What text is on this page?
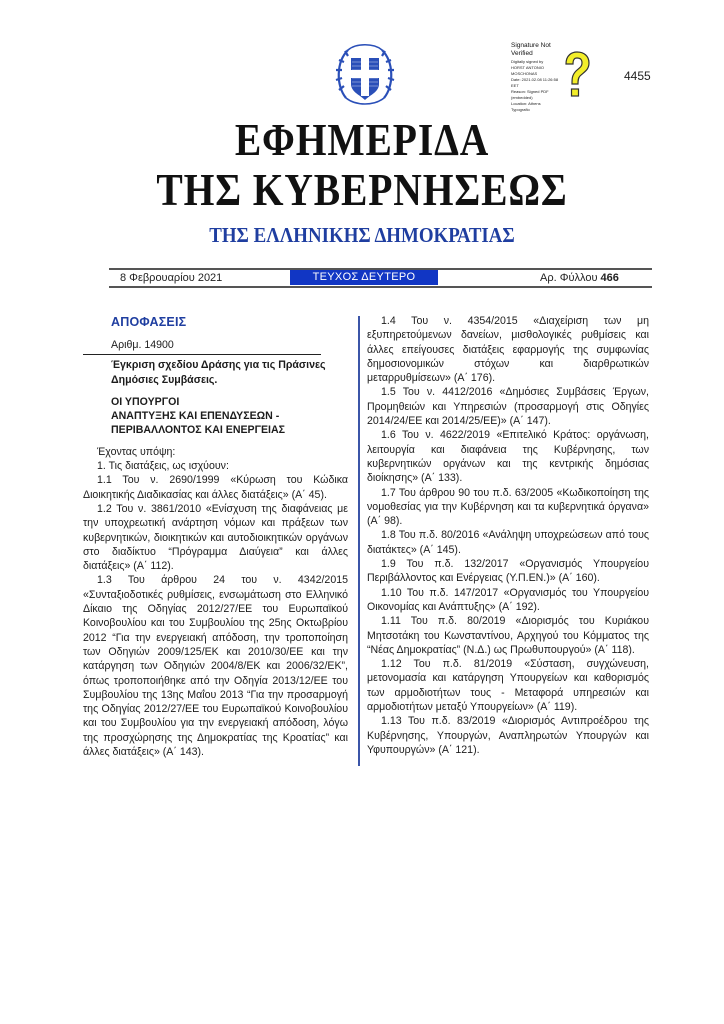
Signature Not Verified
Digitally signed by
HORST ANTONIO
MOSCHONAS
Date: 2021.02.08 11:26:58
EET
Reason: Signed PDF
(embedded)
Location: Athens
Typografio
4455
ΕΦΗΜΕΡΙΔΑ
ΤΗΣ ΚΥΒΕΡΝΗΣΕΩΣ
ΤΗΣ ΕΛΛΗΝΙΚΗΣ ΔΗΜΟΚΡΑΤΙΑΣ
8 Φεβρουαρίου 2021	ΤΕΥΧΟΣ ΔΕΥΤΕΡΟ	Αρ. Φύλλου 466
ΑΠΟΦΑΣΕΙΣ
Αριθμ. 14900
Έγκριση σχεδίου Δράσης για τις Πράσινες Δημόσιες Συμβάσεις.
ΟΙ ΥΠΟΥΡΓΟΙ
ΑΝΑΠΤΥΞΗΣ ΚΑΙ ΕΠΕΝΔΥΣΕΩΝ -
ΠΕΡΙΒΑΛΛΟΝΤΟΣ ΚΑΙ ΕΝΕΡΓΕΙΑΣ

Έχοντας υπόψη:

1. Τις διατάξεις, ως ισχύουν:

1.1 Του ν. 2690/1999 «Κύρωση του Κώδικα Διοικητικής Διαδικασίας και άλλες διατάξεις» (Α΄ 45).

1.2 Του ν. 3861/2010 «Ενίσχυση της διαφάνειας με την υποχρεωτική ανάρτηση νόμων και πράξεων των κυβερνητικών, διοικητικών και αυτοδιοικητικών οργάνων στο διαδίκτυο “Πρόγραμμα Διαύγεια” και άλλες διατάξεις» (Α΄ 112).

1.3 Του άρθρου 24 του ν. 4342/2015 «Συνταξιοδοτικές ρυθμίσεις, ενσωμάτωση στο Ελληνικό Δίκαιο της Οδηγίας 2012/27/ΕΕ του Ευρωπαϊκού Κοινοβουλίου και του Συμβουλίου της 25ης Οκτωβρίου 2012 “Για την ενεργειακή απόδοση, την τροποποίηση των Οδηγιών 2009/125/ΕΚ και 2010/30/ΕΕ και την κατάργηση των Οδηγιών 2004/8/ΕΚ και 2006/32/ΕΚ”, όπως τροποποιήθηκε από την Οδηγία 2013/12/ΕΕ του Συμβουλίου της 13ης Μαΐου 2013 “Για την προσαρμογή της Οδηγίας 2012/27/ΕΕ του Ευρωπαϊκού Κοινοβουλίου και του Συμβουλίου για την ενεργειακή απόδοση, λόγω της προσχώρησης της Δημοκρατίας της Κροατίας” και άλλες διατάξεις» (Α΄ 143).

1.4 Του ν. 4354/2015 «Διαχείριση των μη εξυπηρετούμενων δανείων, μισθολογικές ρυθμίσεις και άλλες επείγουσες διατάξεις εφαρμογής της συμφωνίας δημοσιονομικών στόχων και διαρθρωτικών μεταρρυθμίσεων» (Α΄ 176).

1.5 Του ν. 4412/2016 «Δημόσιες Συμβάσεις Έργων, Προμηθειών και Υπηρεσιών (προσαρμογή στις Οδηγίες 2014/24/ΕΕ και 2014/25/ΕΕ)» (Α΄ 147).

1.6 Του ν. 4622/2019 «Επιτελικό Κράτος: οργάνωση, λειτουργία και διαφάνεια της Κυβέρνησης, των κυβερνητικών οργάνων και της κεντρικής δημόσιας διοίκησης» (Α΄ 133).

1.7 Του άρθρου 90 του π.δ. 63/2005 «Κωδικοποίηση της νομοθεσίας για την Κυβέρνηση και τα κυβερνητικά όργανα» (Α΄ 98).

1.8 Του π.δ. 80/2016 «Ανάληψη υποχρεώσεων από τους διατάκτες» (Α΄ 145).

1.9 Του π.δ. 132/2017 «Οργανισμός Υπουργείου Περιβάλλοντος και Ενέργειας (Υ.Π.ΕΝ.)» (Α΄ 160).

1.10 Του π.δ. 147/2017 «Οργανισμός του Υπουργείου Οικονομίας και Ανάπτυξης» (Α΄ 192).

1.11 Του π.δ. 80/2019 «Διορισμός του Κυριάκου Μητσοτάκη του Κωνσταντίνου, Αρχηγού του Κόμματος της “Νέας Δημοκρατίας” (Ν.Δ.) ως Πρωθυπουργού» (Α΄ 118).

1.12 Του π.δ. 81/2019 «Σύσταση, συγχώνευση, μετονομασία και κατάργηση Υπουργείων και καθορισμός των αρμοδιοτήτων τους - Μεταφορά υπηρεσιών και αρμοδιοτήτων μεταξύ Υπουργείων» (Α΄ 119).

1.13 Του π.δ. 83/2019 «Διορισμός Αντιπροέδρου της Κυβέρνησης, Υπουργών, Αναπληρωτών Υπουργών και Υφυπουργών» (Α΄ 121).
